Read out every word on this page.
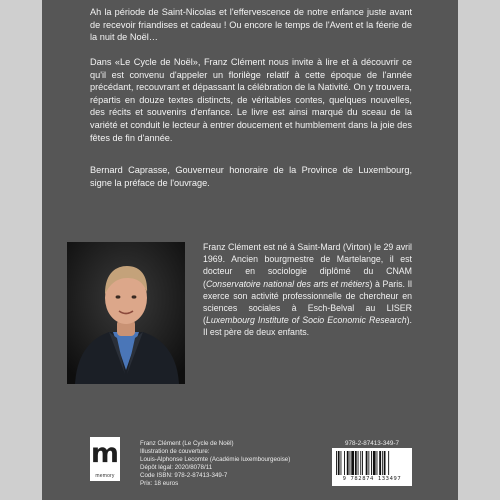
Ah la période de Saint-Nicolas et l'effervescence de notre enfance juste avant de recevoir friandises et cadeau ! Ou encore le temps de l'Avent et la féerie de la nuit de Noël…
Dans «Le Cycle de Noël», Franz Clément nous invite à lire et à découvrir ce qu'il est convenu d'appeler un florilège relatif à cette époque de l'année précédant, recouvrant et dépassant la célébration de la Nativité. On y trouvera, répartis en douze textes distincts, de véritables contes, quelques nouvelles, des récits et souvenirs d'enfance. Le livre est ainsi marqué du sceau de la variété et conduit le lecteur à entrer doucement et humblement dans la joie des fêtes de fin d'année.
Bernard Caprasse, Gouverneur honoraire de la Province de Luxembourg, signe la préface de l'ouvrage.
Franz Clément est né à Saint-Mard (Virton) le 29 avril 1969. Ancien bourgmestre de Martelange, il est docteur en sociologie diplômé du CNAM (Conservatoire national des arts et métiers) à Paris. Il exerce son activité professionnelle de chercheur en sciences sociales à Esch-Belval au LISER (Luxembourg Institute of Socio Economic Research). Il est père de deux enfants.
m
memory
Franz Clément (Le Cycle de Noël)
Illustration de couverture:
Louis-Alphonse Lecomte (Académie luxembourgeoise)
Dépôt légal: 2020/8078/11
Code ISBN: 978-2-87413-349-7
Prix: 18 euros
978-2-87413-349-7
9 782874 133497
